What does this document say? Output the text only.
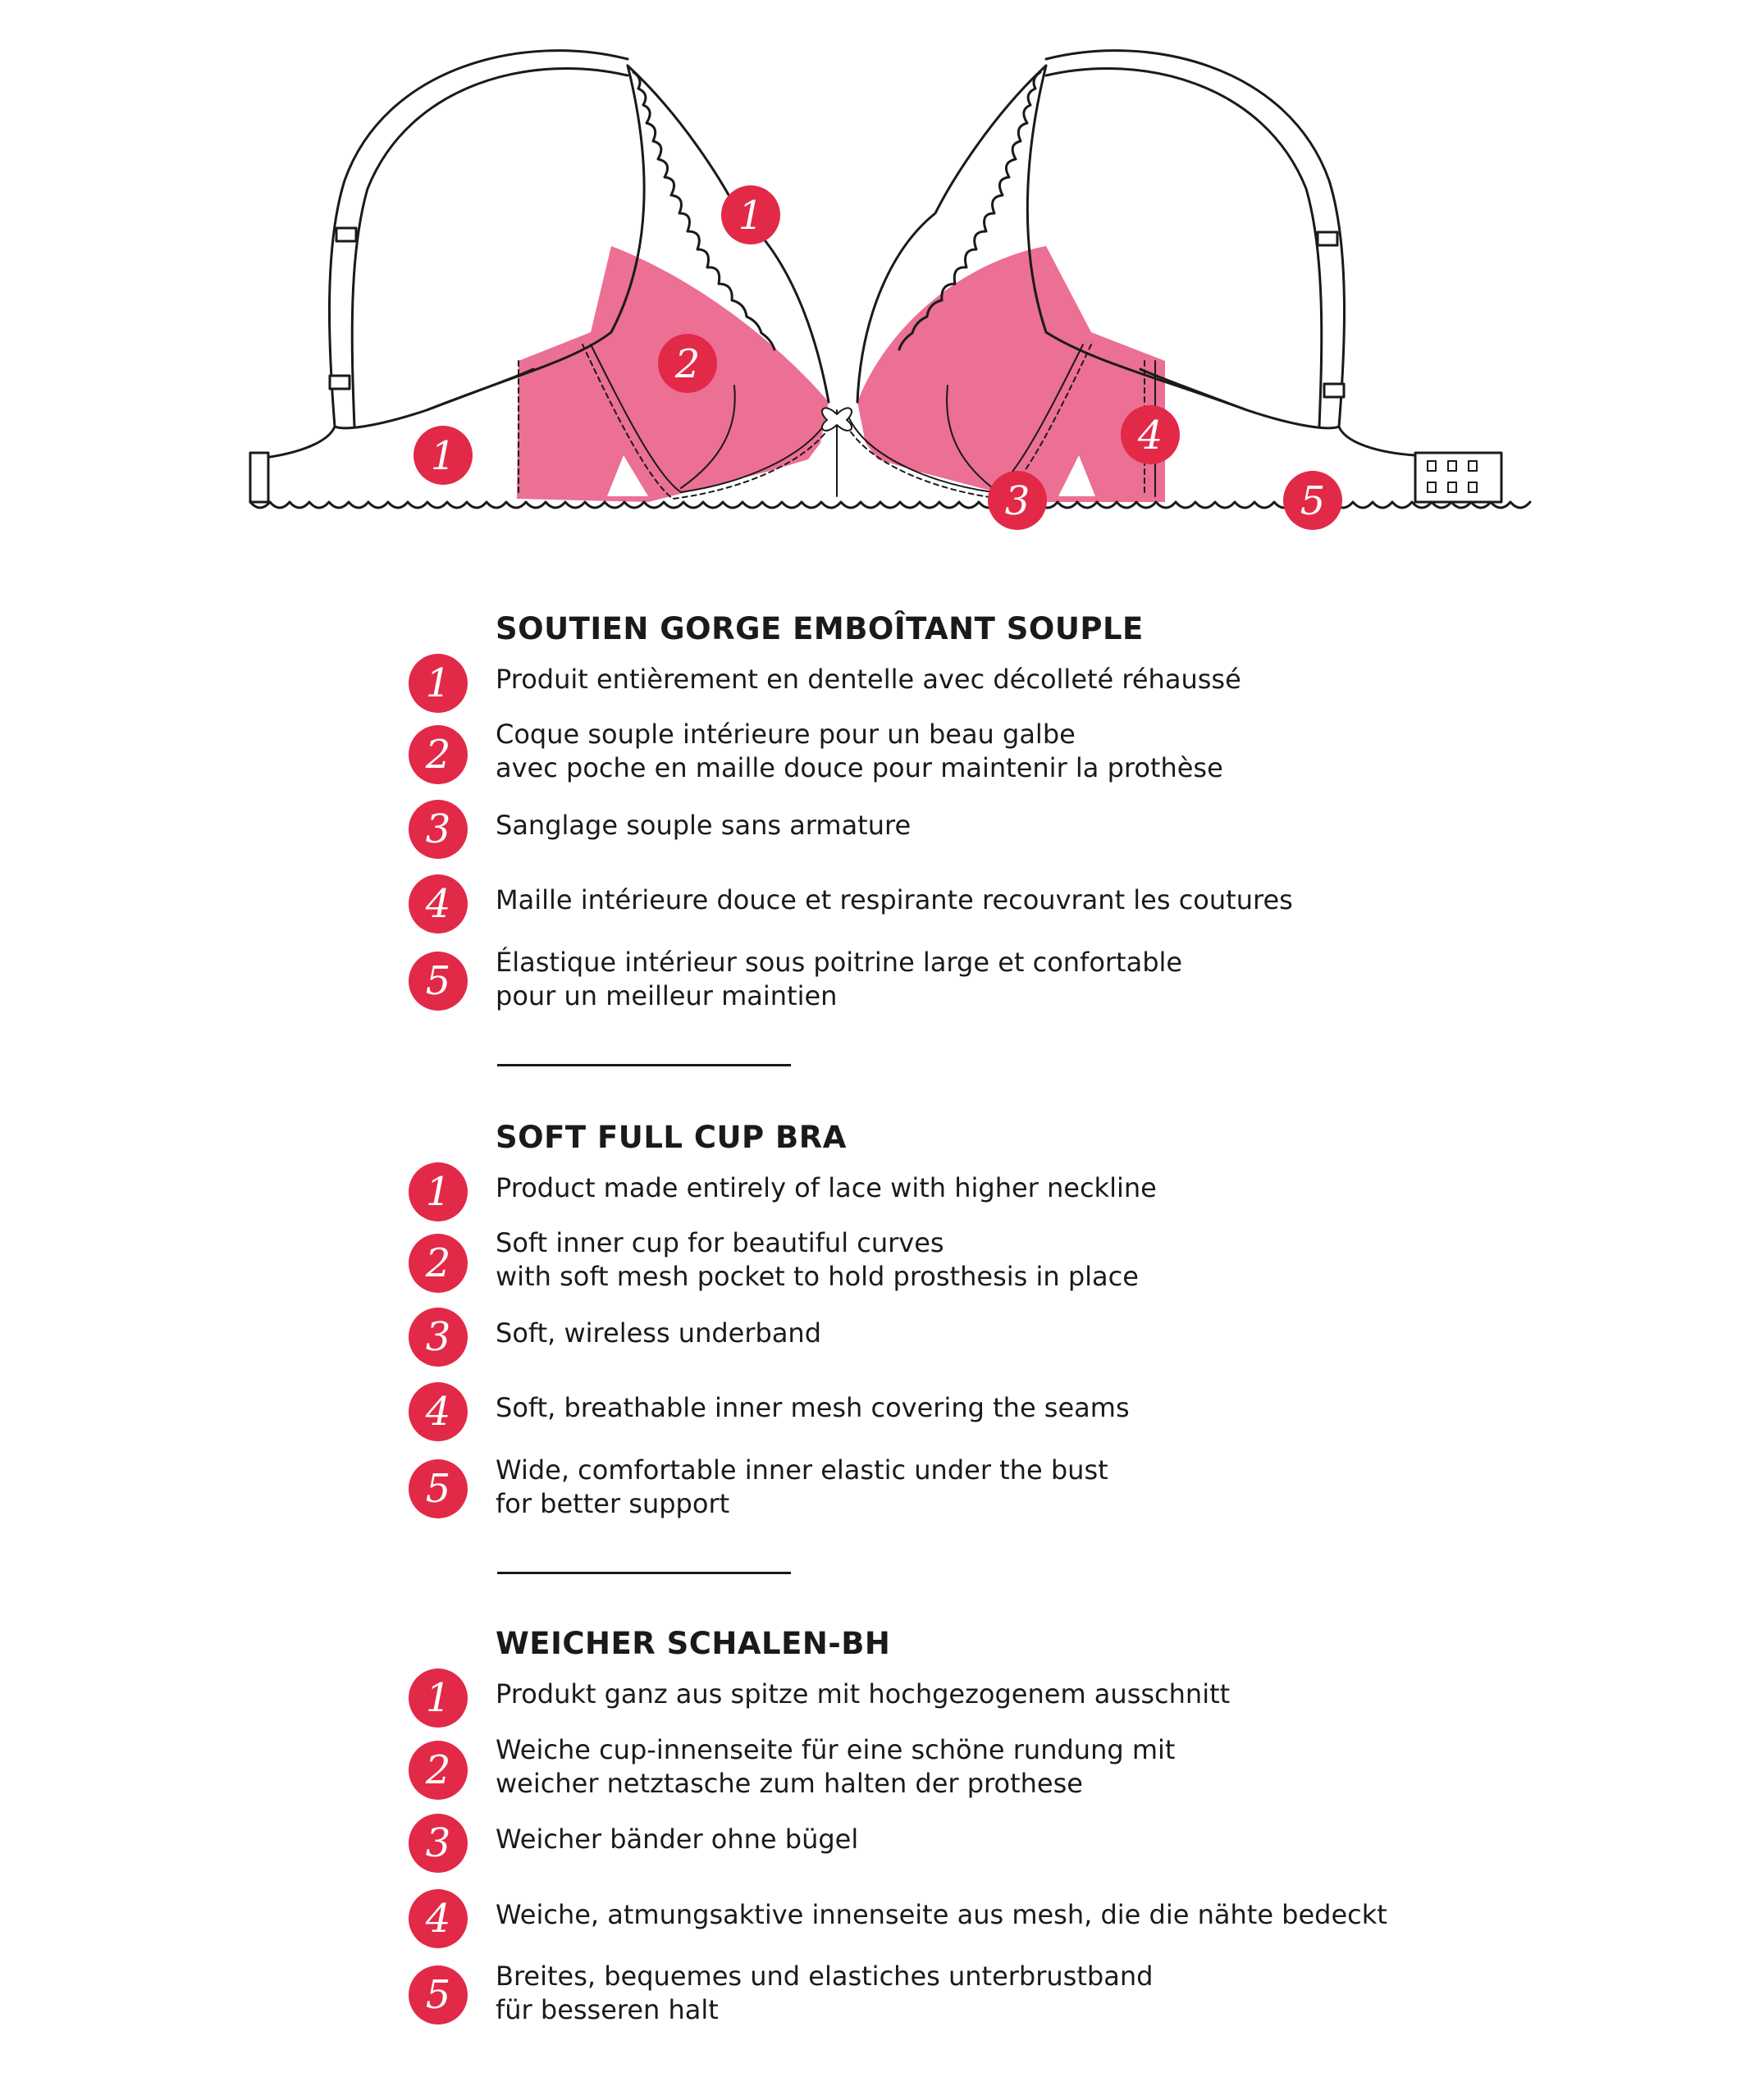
1
2
1
3
4
5
SOUTIEN GORGE EMBOÎTANT SOUPLE
1	Produit entièrement en dentelle avec décolleté réhaussé
2	Coque souple intérieure pour un beau galbe
avec poche en maille douce pour maintenir la prothèse
3	Sanglage souple sans armature
4	Maille intérieure douce et respirante recouvrant les coutures
5	Élastique intérieur sous poitrine large et confortable
pour un meilleur maintien
SOFT FULL CUP BRA
1	Product made entirely of lace with higher neckline
2	Soft inner cup for beautiful curves
with soft mesh pocket to hold prosthesis in place
3	Soft, wireless underband
4	Soft, breathable inner mesh covering the seams
5	Wide, comfortable inner elastic under the bust
for better support
WEICHER SCHALEN-BH
1	Produkt ganz aus spitze mit hochgezogenem ausschnitt
2	Weiche cup-innenseite für eine schöne rundung mit
weicher netztasche zum halten der prothese
3	Weicher bänder ohne bügel
4	Weiche, atmungsaktive innenseite aus mesh, die die nähte bedeckt
5	Breites, bequemes und elastiches unterbrustband
für besseren halt
